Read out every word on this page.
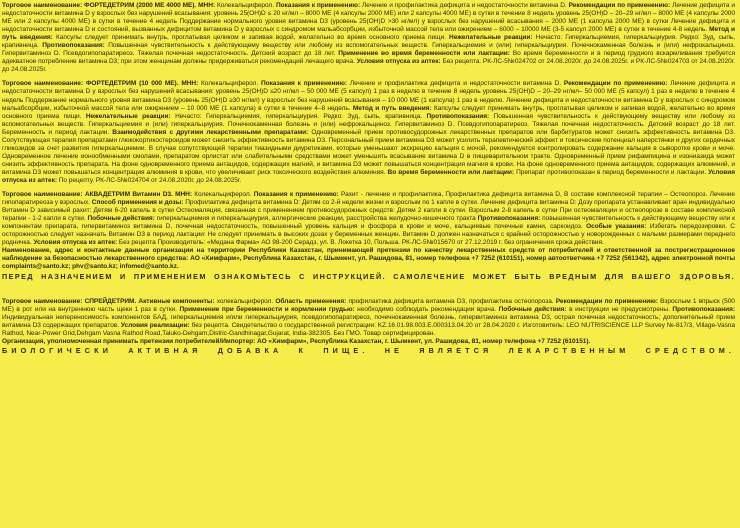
Торговое наименование: ФОРТЕДЕТРИМ (2000 МЕ 4000 МЕ). МНН: Колекальциферол. Показания к применению: Лечение и профилактика дефицита и недостаточности витамина D. Рекомендации по применению: Лечение дефицита и недостаточности витамина D у взрослых без нарушений всасывания: уровень 25(OH)D ≤ 20 нг/мл – 8000 МЕ (4 капсулы 2000 МЕ) или 2 капсулы 4000 МЕ) в сутки в течение 8 недель уровень 25(OH)D – 20–29 нг/мл – 8000 МЕ (4 капсулы 2000 МЕ или 2 капсулы 4000 МЕ) в сутки в течение 4 недель Поддержание нормального уровня витамина D3 (уровень 25(OH)D >30 нг/мл) у взрослых без нарушений всасывания – 2000 МЕ (1 капсула 2000 МЕ) в сутки Лечение дефицита и недостаточности витамина D и состояний, вызванных дефицитом витамина D у взрослых с синдромом мальабсорбции, избыточной массой тела или ожирением – 6000 – 10000 МЕ (3-5 капсул 2000 МЕ) в сутки в течение 4-8 недель. Метод и путь введения: Капсулы следует принимать внутрь, проглатывая целиком и запивая водой, желательно во время основного приема пищи. Нежелательные реакции: Нечасто: Гиперкальциемия, гиперкальциурия. Редко: Зуд, сыпь, крапивница. Противопоказания: Повышенная чувствительность к действующему веществу или любому из вспомогательных веществ. Гиперкальциемия и (или) гиперкальциурия. Почечнокаменная болезнь и (или) нефрокальциноз. Гипервитаминоз D. Псевдогипопаратиреоз. Тяжелая почечная недостаточность. Детский возраст до 18 лет. Применение во время беременности или лактации: Во время беременности и в период грудного вскармливания требуется адекватное потребление витамина D3; при этом женщинам должны придерживаться рекомендаций лечащего врача. Условия отпуска из аптек: Без рецепта. РК-ЛС-5№024702 от 24.08.2020г. до 24.08.2025г. и РК-ЛС-5№024703 от 24.08.2020г. до 24.08.2025г.

Торговое наименование: ФОРТЕДЕТРИМ (10 000 МЕ). МНН: Колекальциферол. Показания к применению: Лечение и профилактика дефицита и недостаточности витамина D. Рекомендации по применению: Лечение дефицита и недостаточности витамина D у взрослых без нарушений всасывания: уровень 25(OH)D ≤20 нг/мл – 50 000 МЕ (5 капсул) 1 раз в неделю в течение 8 недель уровень 25(OH)D – 20–29 нг/мл– 50 000 МЕ (5 капсул) 1 раз в неделю в течение 4 недель Поддержание нормального уровня витамина D3 (уровень 25(OH)D ≥30 нг/мл) у взрослых без нарушений всасывания – 10 000 МЕ (1 капсула) 1 раз в неделю. Лечение дефицита и недостаточности витамина D у взрослых с синдромом мальабсорбции, избыточной массой тела или ожирением – 10 000 МЕ (1 капсула) в сутки в течение 4–8 недель. Метод и путь введения: Капсулы следует принимать внутрь, проглатывая целиком и запивая водой, желательно во время основного приема пищи. Нежелательные реакции: Нечасто: Гиперкальциемия, гиперкальциурия. Редко: Зуд, сыпь, крапивница. Противопоказания: Повышенная чувствительность к действующему веществу или любому из вспомогательных веществ. Гиперкальциемия и (или) гиперкальциурия. Почечнокаменная болезнь и (или) нефрокальциноз. Гипервитаминоз D. Псевдогипопаратиреоз. Тяжелая почечная недостаточность. Детский возраст до 18 лет. Беременность и период лактации. Взаимодействия с другими лекарственными препаратами: Одновременный прием противосудорожных лекарственных препаратов или барбитуратов может снизить эффективность витамина D3. Сопутствующая терапия препаратами глюкокортикостероидов может снизить эффективность витамина D3. Персональный прием витамина D3 может усилить терапевтический эффект и токсические потенциал наперстянки и других сердечных гликозидов за счет развития гиперкальциемии. В случае сопутствующей терапии тиазидными диуретиками, которые уменьшают экскрецию кальция с мочой, рекомендуется контролировать содержание кальция в сыворотке крови и моче. Одновременное лечение ионообменными смолами, препаратом орлистат или слабительными средствами может уменьшить всасывание витамина D в пищеварительном тракте. Одновременный прием рифампицина и изониазида может снизить эффективность препарата. На фоне одновременного приема антацидов, содержащих магний, и витамина D3 может повышаться концентрация магния в крови. На фоне одновременного приема антацидов, содержащих алюминий, и витамина D3 может повышаться концентрация алюминия в крови, что увеличивает риск токсического воздействия алюминия. Во время беременности или лактации: Препарат противопоказан в период беременности и лактации. Условия отпуска из аптек: По рецепту. РК-ЛС-5№024704 от 24.08.2020г. до 24.08.2025г.

Торговое наименование: АКВАДЕТРИМ Витамин D3. МНН: Колекальциферол. Показания к применению: Рахит - лечение и профилактика, Профилактика дефицита витамина D, В составе комплексной терапии – Остеопороз. Лечение гипопаратиреоза у взрослых. Способ применения и дозы: Профилактика дефицита витамина D: Детям со 2-й недели жизни и взрослым по 1 капле в сутки. Лечение дефицита витамина D: Дозу препарата устанавливает врач индивидуально Витамин D зависимый рахит: Детям 6-20 капель в сутки Остеомаляция, связанная с применением противосудорожных средств: Детям 2 капли в сутки. Взрослым 2-8 капель в сутки При остеомаляции и остеопорозе в составе комплексной терапии - 1-2 капли в сутки. Побочные действия: гиперкальциемия и гиперкальциурия, аллергические реакции, расстройства желудочно-кишечного тракта Противопоказания: повышенная чувствительность к действующему веществу или к компонентам препарата, гипервитаминоз витамина D, почечная недостаточность, повышенный уровень кальция и фосфора в крови и моче, кальциевые почечные камни, саркоидоз. Особые указания: Избегать передозировки. С осторожностью следует назначать Витамин D3 в период лактации: Не следует принимать в высоких дозах у беременных женщин. Витамин D должен назначаться с крайней осторожностью у новорожденных с малыми размерами переднего родничка. Условия отпуска из аптек: Без рецепта Производитель: «Медана Фарма» АО 98-200 Серадз, ул. В. Локетка 10, Польша. РК-ЛС-5№015670 от 27.12.2019 г. без ограничения срока действия.

Наименование, адрес и контактные данные организации на территории Республики Казахстан, принимающей претензии по качеству лекарственных средств от потребителей и ответственной за пострегистрационное наблюдение за безопасностью лекарственного средства: АО «Химфарм», Республика Казахстан, г. Шымкент, ул. Рашидова, 81, номер телефона +7 7252 (610151), номер автоответчика +7 7252 (561342), адрес электронной почты complaints@santo.kz; phv@santo.kz; infomed@santo.kz.

ПЕРЕД НАЗНАЧЕНИЕМ И ПРИМЕНЕНИЕМ ОЗНАКОМЬТЕСЬ С ИНСТРУКЦИЕЙ. САМОЛЕЧЕНИЕ МОЖЕТ БЫТЬ ВРЕДНЫМ ДЛЯ ВАШЕГО ЗДОРОВЬЯ.

Торговое наименование: СПРЕЙДЕТРИМ. Активные компоненты: холекальциферол. Область применения: профилактика дефицита витамина D3, профилактика остеопороза. Рекомендации по применению: Взрослым 1 впрыск (500 МЕ) в рот или на внутреннюю часть щеки 1 раз в сутки. Применение при беременности и кормлении грудью: необходимо соблюдать рекомендации врача. Побочные действия: в инструкции не предусмотрены. Противопоказания: Индивидуальная непереносимость компонентов БАД, гиперкальциемия и/или гиперкальциурия, псевдогипопаратиреоз, почечнокаменная болезнь, гипервитаминоз витамина D3, острая почечная недостаточность; дополнительный прием витамина D3 содержащих препаратов. Условия реализации: без рецепта. Свидетельство о государственной регистрации: KZ.16.01.98.003.E.000313.04.20 от 28.04.2020 г. Изготовитель: LEO NUTRISCIENCE LLP Survey №-817/3, Village-Vasna Rathod, Near-Power Grid,Dehgam Vasna Rathod Road,Taluko-Dehgam,Distric-Gandhinagar,Gujarat, India-382305. Без ГМО. Товар сертифицирован.

Организация, уполномоченная принимать претензии потребителей/Импортер: АО «Химфарм», Республика Казахстан, г. Шымкент, ул. Рашидова, 81, номер телефона +7 7252 (610151).

БИОЛОГИЧЕСКИ АКТИВНАЯ ДОБАВКА К ПИЩЕ. НЕ ЯВЛЯЕТСЯ ЛЕКАРСТВЕННЫМ СРЕДСТВОМ.
